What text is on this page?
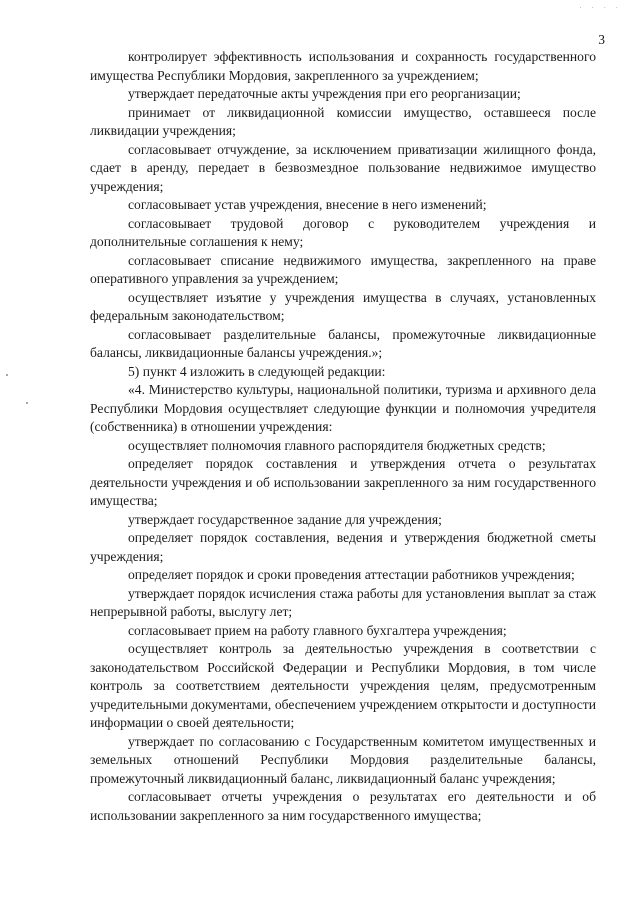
· · · ·
3

контролирует эффективность использования и сохранность государственного имущества Республики Мордовия, закрепленного за учреждением;

утверждает передаточные акты учреждения при его реорганизации;

принимает от ликвидационной комиссии имущество, оставшееся после ликвидации учреждения;

согласовывает отчуждение, за исключением приватизации жилищного фонда, сдает в аренду, передает в безвозмездное пользование недвижимое имущество учреждения;

согласовывает устав учреждения, внесение в него изменений;

согласовывает трудовой договор с руководителем учреждения и дополнительные соглашения к нему;

согласовывает списание недвижимого имущества, закрепленного на праве оперативного управления за учреждением;

осуществляет изъятие у учреждения имущества в случаях, установленных федеральным законодательством;

согласовывает разделительные балансы, промежуточные ликвидационные балансы, ликвидационные балансы учреждения.»;

5) пункт 4 изложить в следующей редакции:

«4. Министерство культуры, национальной политики, туризма и архивного дела Республики Мордовия осуществляет следующие функции и полномочия учредителя (собственника) в отношении учреждения:

осуществляет полномочия главного распорядителя бюджетных средств;

определяет порядок составления и утверждения отчета о результатах деятельности учреждения и об использовании закрепленного за ним государственного имущества;

утверждает государственное задание для учреждения;

определяет порядок составления, ведения и утверждения бюджетной сметы учреждения;

определяет порядок и сроки проведения аттестации работников учреждения;

утверждает порядок исчисления стажа работы для установления выплат за стаж непрерывной работы, выслугу лет;

согласовывает прием на работу главного бухгалтера учреждения;

осуществляет контроль за деятельностью учреждения в соответствии с законодательством Российской Федерации и Республики Мордовия, в том числе контроль за соответствием деятельности учреждения целям, предусмотренным учредительными документами, обеспечением учреждением открытости и доступности информации о своей деятельности;

утверждает по согласованию с Государственным комитетом имущественных и земельных отношений Республики Мордовия разделительные балансы, промежуточный ликвидационный баланс, ликвидационный баланс учреждения;

согласовывает отчеты учреждения о результатах его деятельности и об использовании закрепленного за ним государственного имущества;
